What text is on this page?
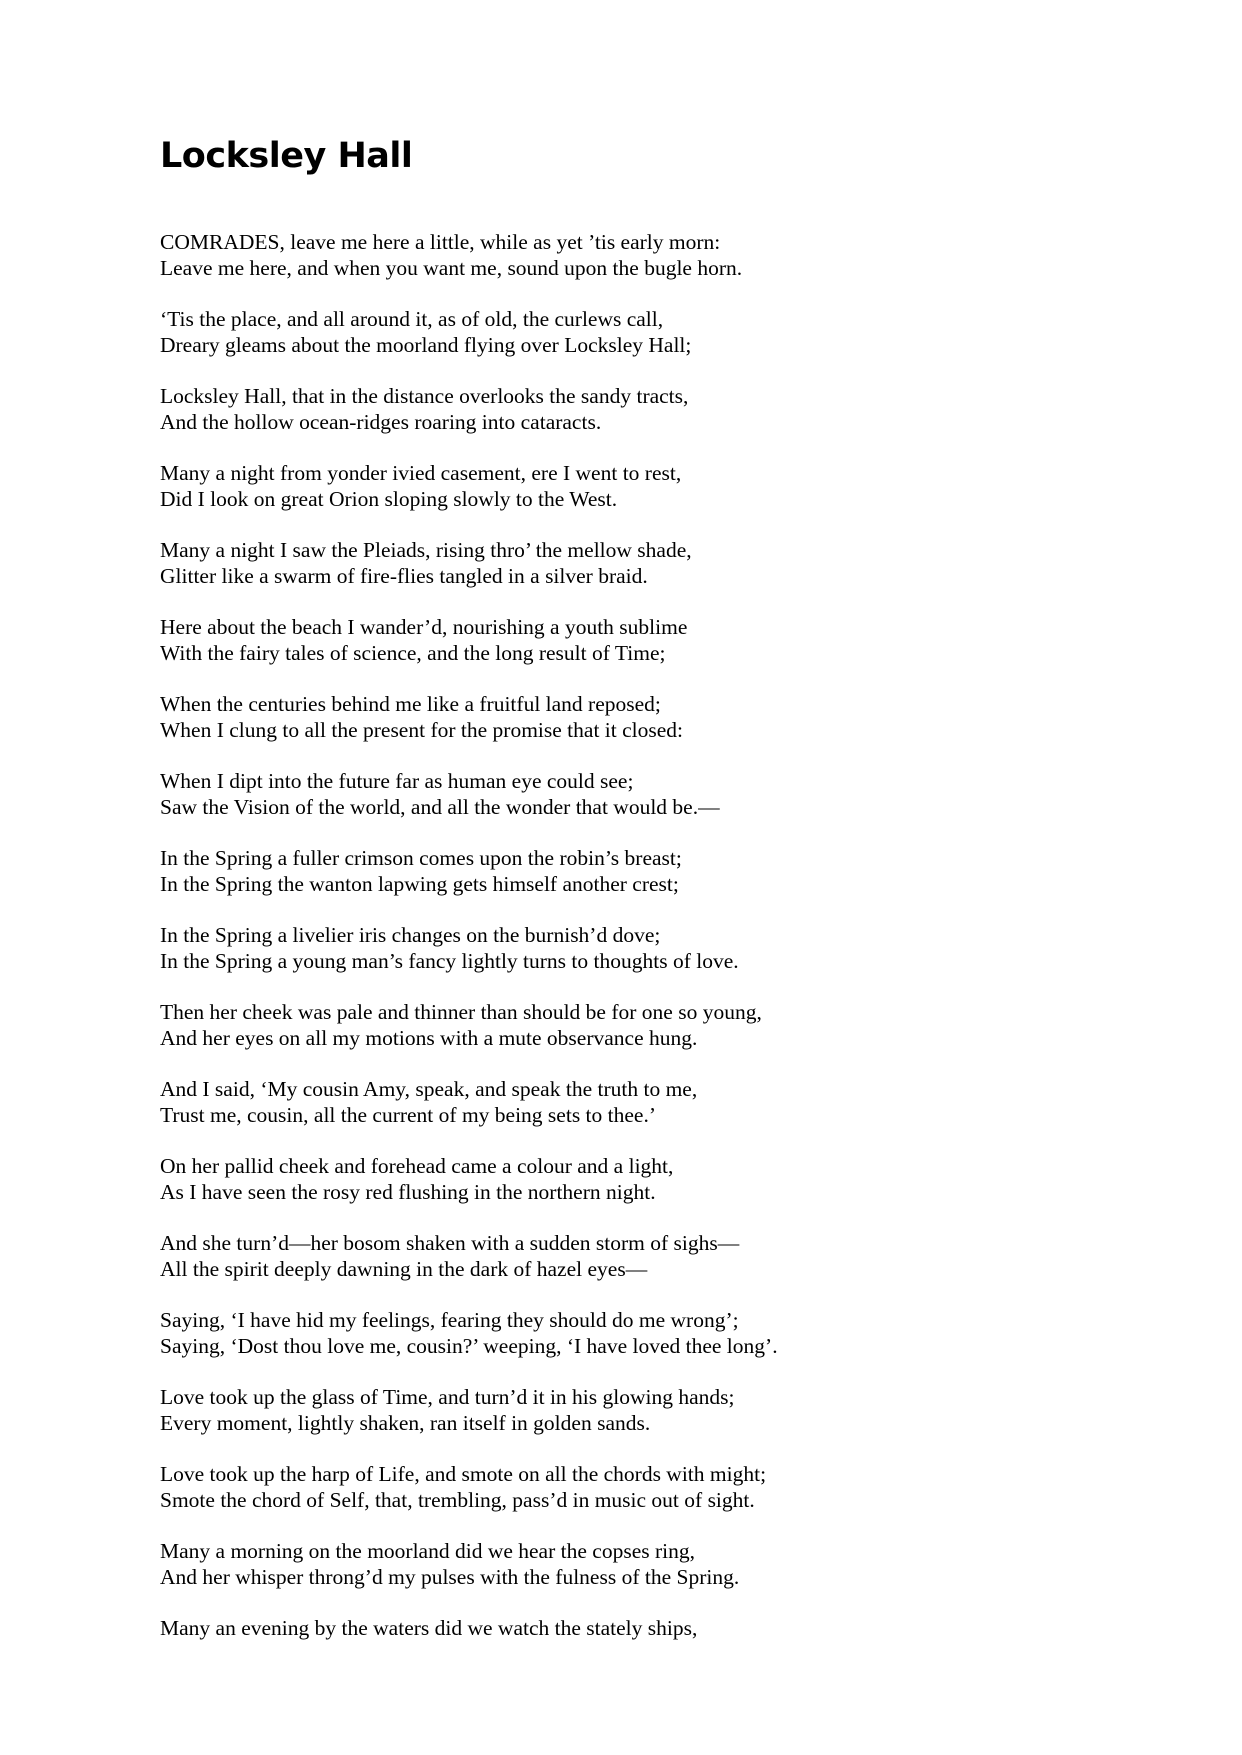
Locksley Hall
COMRADES, leave me here a little, while as yet ’tis early morn:
Leave me here, and when you want me, sound upon the bugle horn.
‘Tis the place, and all around it, as of old, the curlews call,
Dreary gleams about the moorland flying over Locksley Hall;
Locksley Hall, that in the distance overlooks the sandy tracts,
And the hollow ocean-ridges roaring into cataracts.
Many a night from yonder ivied casement, ere I went to rest,
Did I look on great Orion sloping slowly to the West.
Many a night I saw the Pleiads, rising thro’ the mellow shade,
Glitter like a swarm of fire-flies tangled in a silver braid.
Here about the beach I wander’d, nourishing a youth sublime
With the fairy tales of science, and the long result of Time;
When the centuries behind me like a fruitful land reposed;
When I clung to all the present for the promise that it closed:
When I dipt into the future far as human eye could see;
Saw the Vision of the world, and all the wonder that would be.—
In the Spring a fuller crimson comes upon the robin’s breast;
In the Spring the wanton lapwing gets himself another crest;
In the Spring a livelier iris changes on the burnish’d dove;
In the Spring a young man’s fancy lightly turns to thoughts of love.
Then her cheek was pale and thinner than should be for one so young,
And her eyes on all my motions with a mute observance hung.
And I said, ‘My cousin Amy, speak, and speak the truth to me,
Trust me, cousin, all the current of my being sets to thee.’
On her pallid cheek and forehead came a colour and a light,
As I have seen the rosy red flushing in the northern night.
And she turn’d—her bosom shaken with a sudden storm of sighs—
All the spirit deeply dawning in the dark of hazel eyes—
Saying, ‘I have hid my feelings, fearing they should do me wrong’;
Saying, ‘Dost thou love me, cousin?’ weeping, ‘I have loved thee long’.
Love took up the glass of Time, and turn’d it in his glowing hands;
Every moment, lightly shaken, ran itself in golden sands.
Love took up the harp of Life, and smote on all the chords with might;
Smote the chord of Self, that, trembling, pass’d in music out of sight.
Many a morning on the moorland did we hear the copses ring,
And her whisper throng’d my pulses with the fulness of the Spring.
Many an evening by the waters did we watch the stately ships,
